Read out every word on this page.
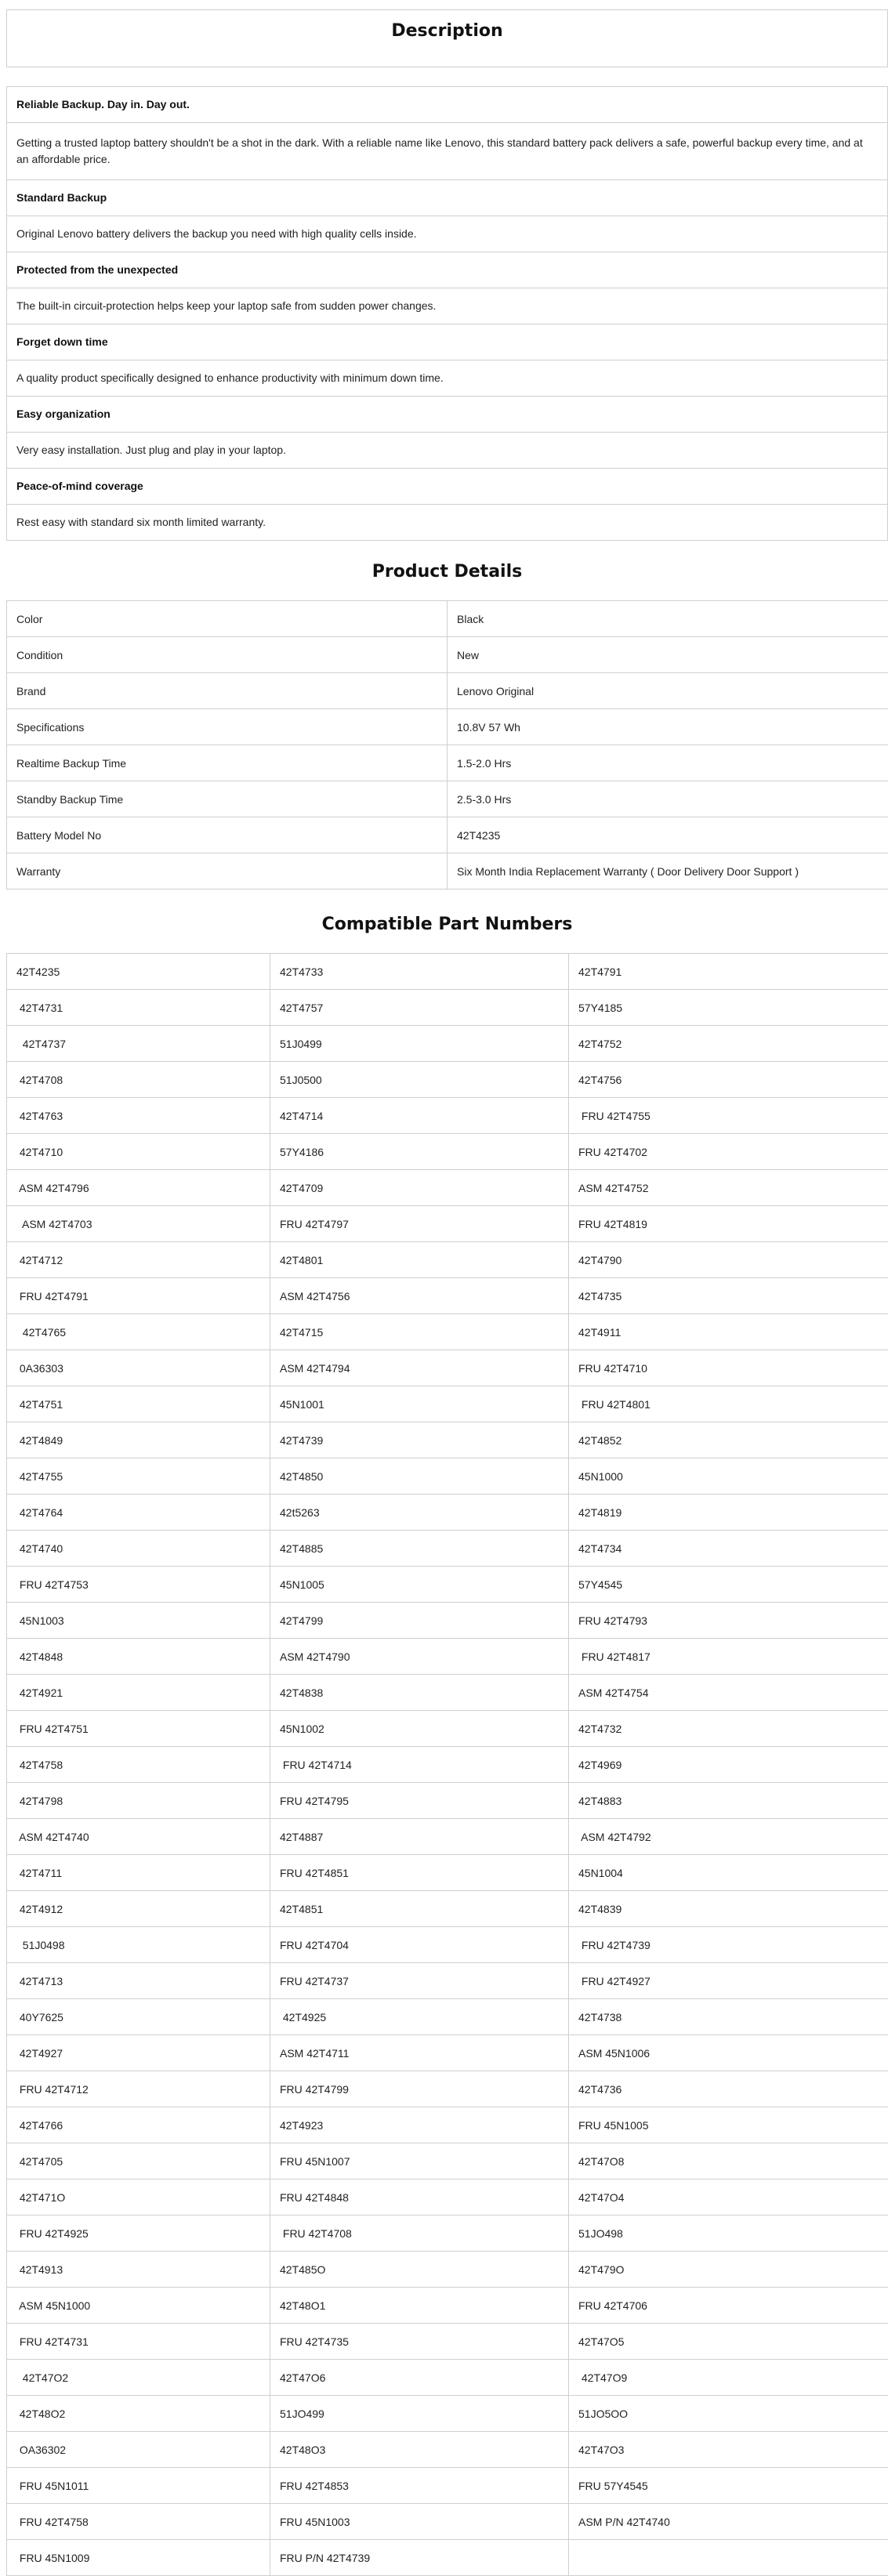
Description
Reliable Backup. Day in. Day out.
Getting a trusted laptop battery shouldn't be a shot in the dark. With a reliable name like Lenovo, this standard battery pack delivers a safe, powerful backup every time, and at an affordable price.
Standard Backup
Original Lenovo battery delivers the backup you need with high quality cells inside.
Protected from the unexpected
The built-in circuit-protection helps keep your laptop safe from sudden power changes.
Forget down time
A quality product specifically designed to enhance productivity with minimum down time.
Easy organization
Very easy installation. Just plug and play in your laptop.
Peace-of-mind coverage
Rest easy with standard six month limited warranty.
Product Details
Color	Black
Condition	New
Brand	Lenovo Original
Specifications	10.8V 57 Wh
Realtime Backup Time	1.5-2.0 Hrs
Standby Backup Time	2.5-3.0 Hrs
Battery Model No	42T4235
Warranty	Six Month India Replacement Warranty ( Door Delivery Door Support )
Compatible Part Numbers
42T4235	42T4733	42T4791
42T4731	42T4757	57Y4185
42T4737	51J0499	42T4752
42T4708	51J0500	42T4756
42T4763	42T4714	FRU 42T4755
42T4710	57Y4186	FRU 42T4702
ASM 42T4796	42T4709	ASM 42T4752
ASM 42T4703	FRU 42T4797	FRU 42T4819
42T4712	42T4801	42T4790
FRU 42T4791	ASM 42T4756	42T4735
42T4765	42T4715	42T4911
0A36303	ASM 42T4794	FRU 42T4710
42T4751	45N1001	FRU 42T4801
42T4849	42T4739	42T4852
42T4755	42T4850	45N1000
42T4764	42t5263	42T4819
42T4740	42T4885	42T4734
FRU 42T4753	45N1005	57Y4545
45N1003	42T4799	FRU 42T4793
42T4848	ASM 42T4790	FRU 42T4817
42T4921	42T4838	ASM 42T4754
FRU 42T4751	45N1002	42T4732
42T4758	FRU 42T4714	42T4969
42T4798	FRU 42T4795	42T4883
ASM 42T4740	42T4887	ASM 42T4792
42T4711	FRU 42T4851	45N1004
42T4912	42T4851	42T4839
51J0498	FRU 42T4704	FRU 42T4739
42T4713	FRU 42T4737	FRU 42T4927
40Y7625	42T4925	42T4738
42T4927	ASM 42T4711	ASM 45N1006
FRU 42T4712	FRU 42T4799	42T4736
42T4766	42T4923	FRU 45N1005
42T4705	FRU 45N1007	42T47O8
42T471O	FRU 42T4848	42T47O4
FRU 42T4925	FRU 42T4708	51JO498
42T4913	42T485O	42T479O
ASM 45N1000	42T48O1	FRU 42T4706
FRU 42T4731	FRU 42T4735	42T47O5
42T47O2	42T47O6	42T47O9
42T48O2	51JO499	51JO5OO
OA36302	42T48O3	42T47O3
FRU 45N1011	FRU 42T4853	FRU 57Y4545
FRU 42T4758	FRU 45N1003	ASM P/N 42T4740
FRU 45N1009	FRU P/N 42T4739	
